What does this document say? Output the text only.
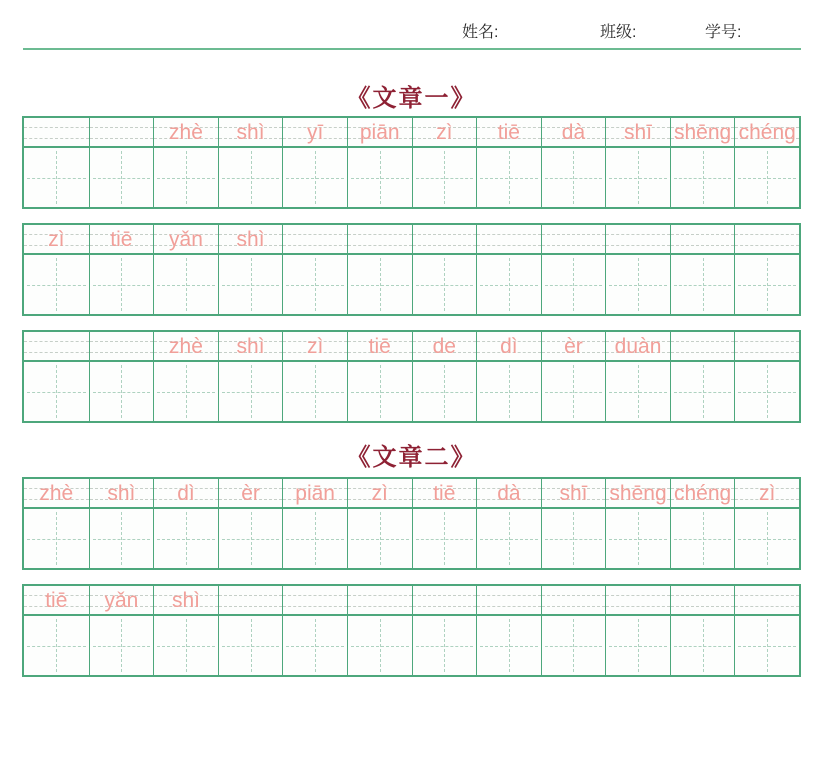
姓名:	班级:	学号:
《文章一》
zhè	shì	yī	piān	zì	tiē	dà	shī	shēng chéng
zì	tiē	yǎn	shì
zhè	shì	zì	tiē	de	dì	èr	duàn
《文章二》
zhè	shì	dì	èr	piān	zì	tiē	dà	shī	shēng chéng	zì
tiē	yǎn	shì
